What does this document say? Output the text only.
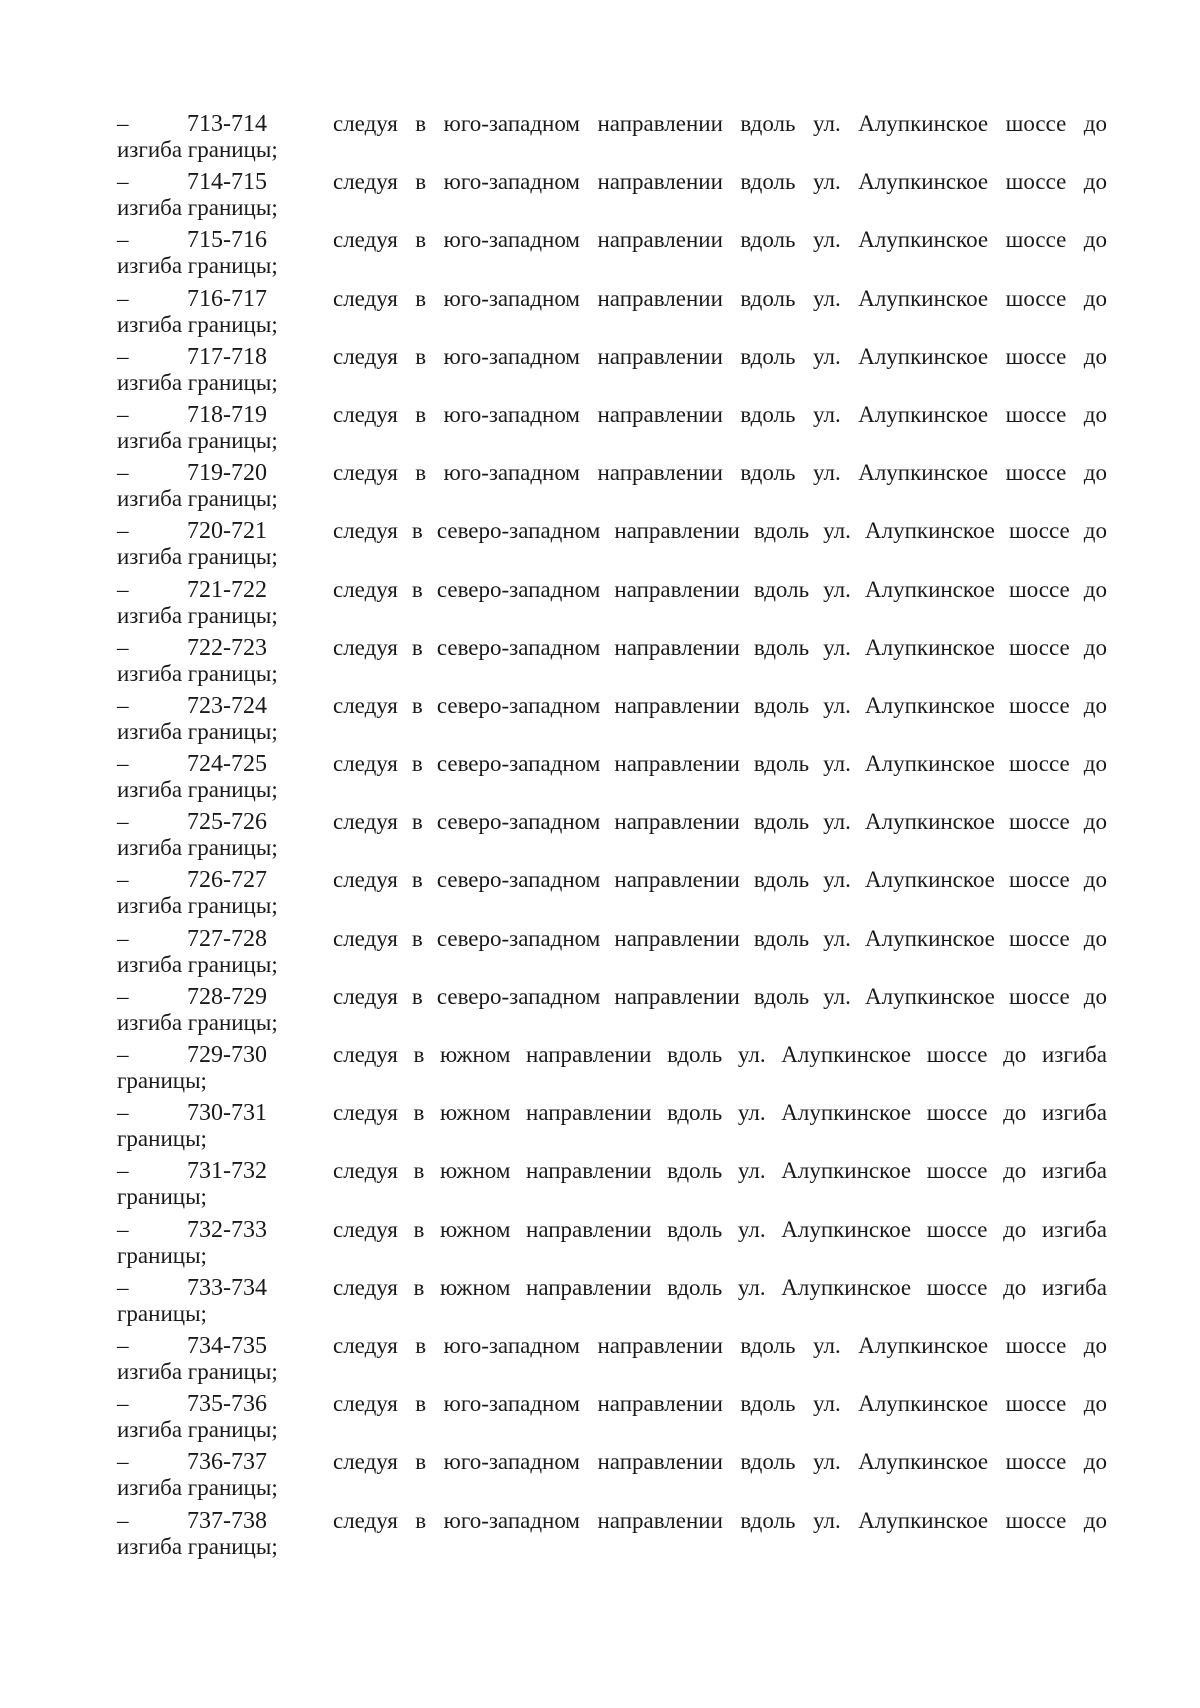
–	713-714	следуя в юго-западном направлении вдоль ул. Алупкинское шоссе до
изгиба границы;
–	714-715	следуя в юго-западном направлении вдоль ул. Алупкинское шоссе до
изгиба границы;
–	715-716	следуя в юго-западном направлении вдоль ул. Алупкинское шоссе до
изгиба границы;
–	716-717	следуя в юго-западном направлении вдоль ул. Алупкинское шоссе до
изгиба границы;
–	717-718	следуя в юго-западном направлении вдоль ул. Алупкинское шоссе до
изгиба границы;
–	718-719	следуя в юго-западном направлении вдоль ул. Алупкинское шоссе до
изгиба границы;
–	719-720	следуя в юго-западном направлении вдоль ул. Алупкинское шоссе до
изгиба границы;
–	720-721	следуя в северо-западном направлении вдоль ул. Алупкинское шоссе до
изгиба границы;
–	721-722	следуя в северо-западном направлении вдоль ул. Алупкинское шоссе до
изгиба границы;
–	722-723	следуя в северо-западном направлении вдоль ул. Алупкинское шоссе до
изгиба границы;
–	723-724	следуя в северо-западном направлении вдоль ул. Алупкинское шоссе до
изгиба границы;
–	724-725	следуя в северо-западном направлении вдоль ул. Алупкинское шоссе до
изгиба границы;
–	725-726	следуя в северо-западном направлении вдоль ул. Алупкинское шоссе до
изгиба границы;
–	726-727	следуя в северо-западном направлении вдоль ул. Алупкинское шоссе до
изгиба границы;
–	727-728	следуя в северо-западном направлении вдоль ул. Алупкинское шоссе до
изгиба границы;
–	728-729	следуя в северо-западном направлении вдоль ул. Алупкинское шоссе до
изгиба границы;
–	729-730	следуя в южном направлении вдоль ул. Алупкинское шоссе до изгиба
границы;
–	730-731	следуя в южном направлении вдоль ул. Алупкинское шоссе до изгиба
границы;
–	731-732	следуя в южном направлении вдоль ул. Алупкинское шоссе до изгиба
границы;
–	732-733	следуя в южном направлении вдоль ул. Алупкинское шоссе до изгиба
границы;
–	733-734	следуя в южном направлении вдоль ул. Алупкинское шоссе до изгиба
границы;
–	734-735	следуя в юго-западном направлении вдоль ул. Алупкинское шоссе до
изгиба границы;
–	735-736	следуя в юго-западном направлении вдоль ул. Алупкинское шоссе до
изгиба границы;
–	736-737	следуя в юго-западном направлении вдоль ул. Алупкинское шоссе до
изгиба границы;
–	737-738	следуя в юго-западном направлении вдоль ул. Алупкинское шоссе до
изгиба границы;
